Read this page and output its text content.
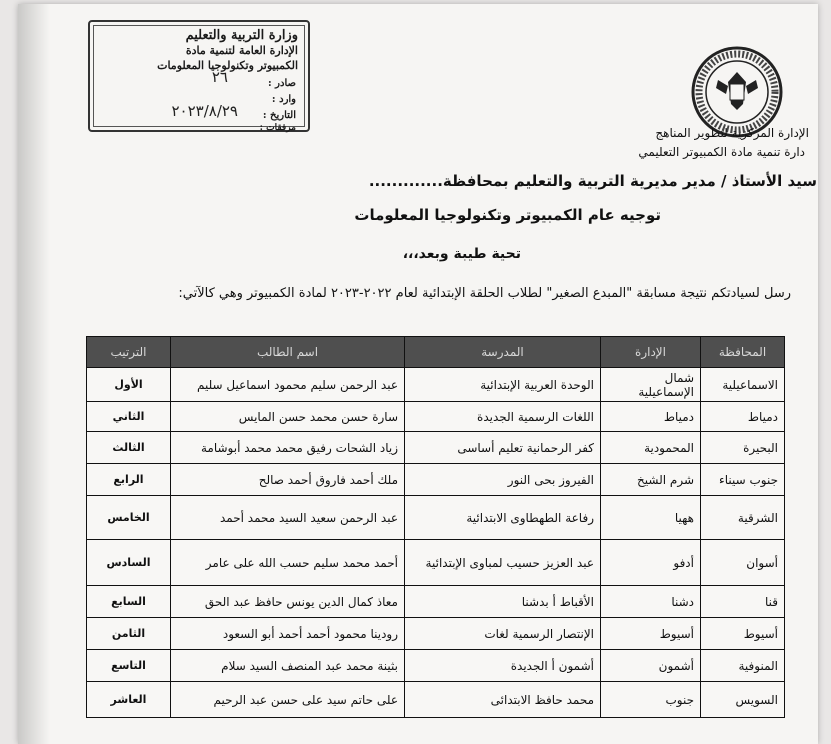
وزارة التربية والتعليم
الإدارة العامة لتنمية مادة
الكمبيوتر وتكنولوجيا المعلومات
صادر :
وارد :
التاريخ :
مرفقات :
٢٦
٢٠٢٣/٨/٢٩
الإدارة المركزية لتطوير المناهج
دارة تنمية مادة الكمبيوتر التعليمي
سيد الأستاذ / مدير مديرية التربية والتعليم بمحافظة.............
توجيه عام الكمبيوتر وتكنولوجيا المعلومات
تحية طيبة وبعد،،،
رسل لسيادتكم نتيجة مسابقة "المبدع الصغير" لطلاب الحلقة الإبتدائية لعام ٢٠٢٢-٢٠٢٣ لمادة الكمبيوتر وهي كالآتي:
المحافظة	الإدارة	المدرسة	اسم الطالب	الترتيب
الاسماعيلية	شمال الإسماعيلية	الوحدة العربية الإبتدائية	عبد الرحمن سليم محمود اسماعيل سليم	الأول
دمياط	دمياط	اللغات الرسمية الجديدة	سارة حسن محمد حسن المايس	الثاني
البحيرة	المحمودية	كفر الرحمانية تعليم أساسى	زياد الشحات رفيق محمد محمد أبوشامة	الثالث
جنوب سيناء	شرم الشيخ	الفيروز بحى النور	ملك أحمد فاروق أحمد صالح	الرابع
الشرقية	ههيا	رفاعة الطهطاوى الابتدائية	عبد الرحمن سعيد السيد محمد أحمد	الخامس
أسوان	أدفو	عبد العزيز حسيب لمباوى الإبتدائية	أحمد محمد سليم حسب الله على عامر	السادس
قنا	دشنا	الأقباط أ بدشنا	معاذ كمال الدين يونس حافظ عبد الحق	السابع
أسيوط	أسيوط	الإنتصار الرسمية لغات	رودينا محمود أحمد أحمد أبو السعود	الثامن
المنوفية	أشمون	أشمون أ الجديدة	بثينة محمد عبد المنصف السيد سلام	التاسع
السويس	جنوب	محمد حافظ الابتدائى	على حاتم سيد على حسن عبد الرحيم	العاشر
